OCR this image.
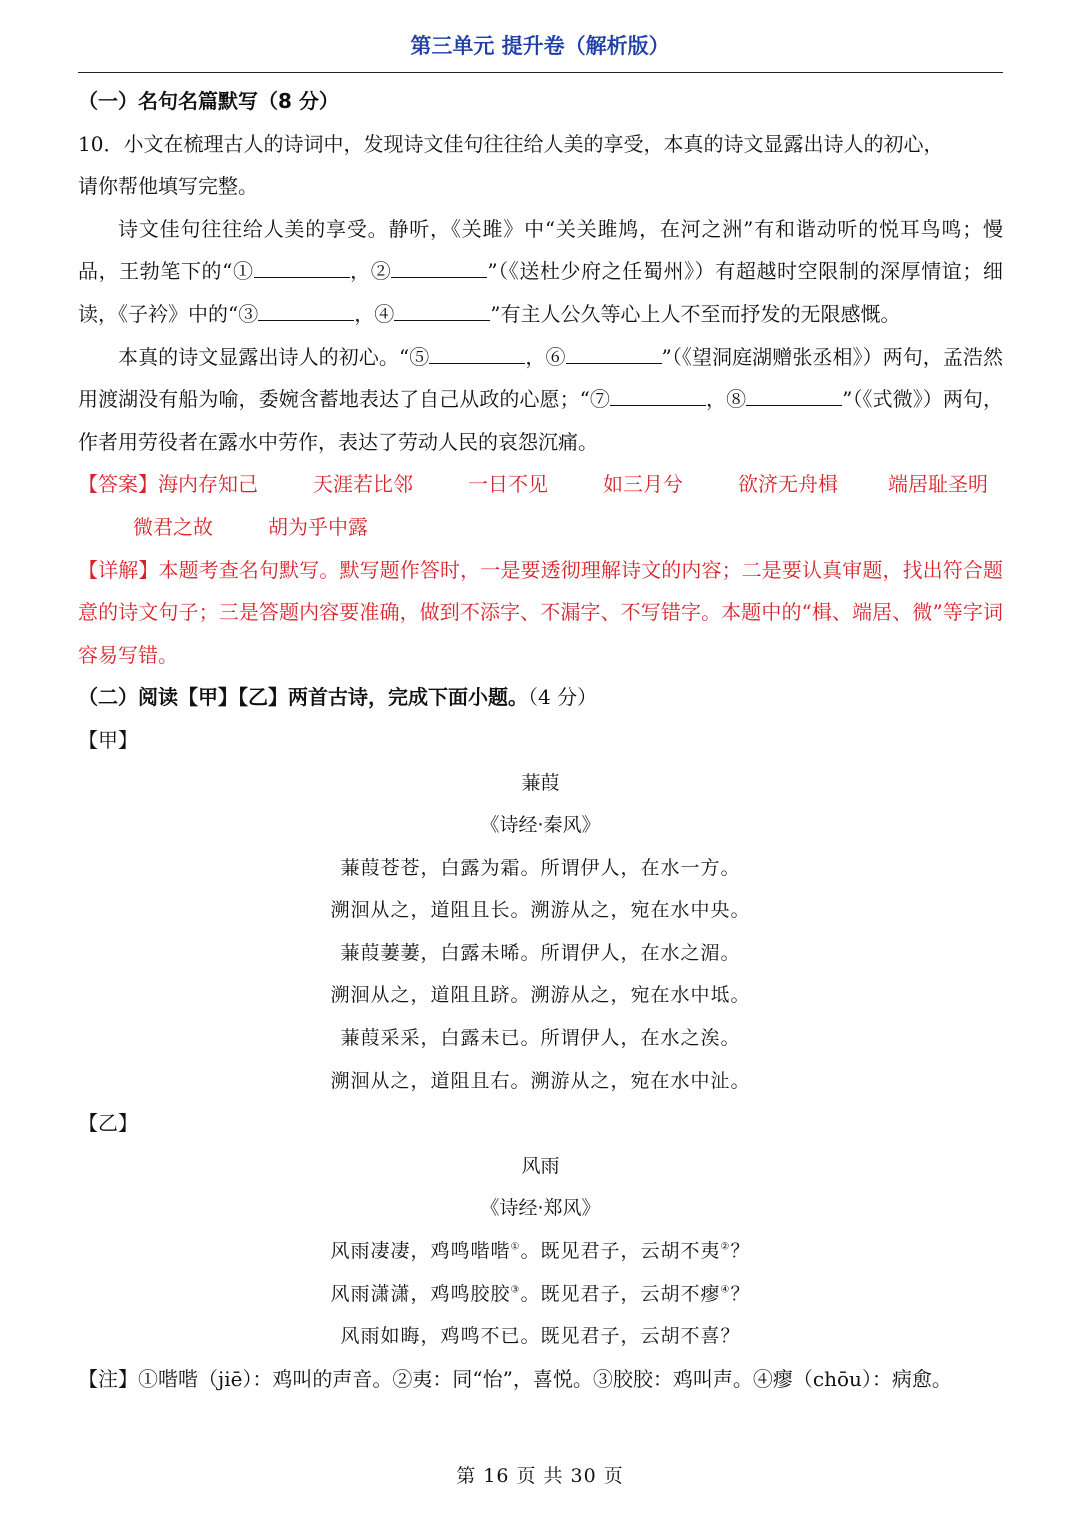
第三单元 提升卷（解析版）

（一）名句名篇默写（8 分）

10．小文在梳理古人的诗词中，发现诗文佳句往往给人美的享受，本真的诗文显露出诗人的初心，

请你帮他填写完整。

诗文佳句往往给人美的享受。静听，《关雎》中“关关雎鸠，在河之洲”有和谐动听的悦耳鸟鸣；慢品，王勃笔下的“①	，②	”（《送杜少府之任蜀州》）有超越时空限制的深厚情谊；细读，《子衿》中的“③	，④	”有主人公久等心上人不至而抒发的无限感慨。

本真的诗文显露出诗人的初心。“⑤	，⑥	”（《望洞庭湖赠张丞相》）两句，孟浩然用渡湖没有船为喻，委婉含蓄地表达了自己从政的心愿；“⑦	，⑧	”（《式微》）两句，作者用劳役者在露水中劳作，表达了劳动人民的哀怨沉痛。

【答案】海内存知己	天涯若比邻	一日不见	如三月兮	欲济无舟楫	端居耻圣明微君之故	胡为乎中露

【详解】本题考查名句默写。默写题作答时，一是要透彻理解诗文的内容；二是要认真审题，找出符合题意的诗文句子；三是答题内容要准确，做到不添字、不漏字、不写错字。本题中的“楫、端居、微”等字词容易写错。

（二）阅读【甲】【乙】两首古诗，完成下面小题。（4 分）

【甲】

蒹葭

《诗经·秦风》

蒹葭苍苍，白露为霜。所谓伊人，在水一方。

溯洄从之，道阻且长。溯游从之，宛在水中央。

蒹葭萋萋，白露未晞。所谓伊人，在水之湄。

溯洄从之，道阻且跻。溯游从之，宛在水中坻。

蒹葭采采，白露未已。所谓伊人，在水之涘。

溯洄从之，道阻且右。溯游从之，宛在水中沚。

【乙】

风雨

《诗经·郑风》

风雨凄凄，鸡鸣喈喈①。既见君子，云胡不夷②？

风雨潇潇，鸡鸣胶胶③。既见君子，云胡不瘳④？

风雨如晦，鸡鸣不已。既见君子，云胡不喜？

【注】①喈喈（jiē）：鸡叫的声音。②夷：同“怡”，喜悦。③胶胶：鸡叫声。④瘳（chōu）：病愈。

第 16 页 共 30 页
